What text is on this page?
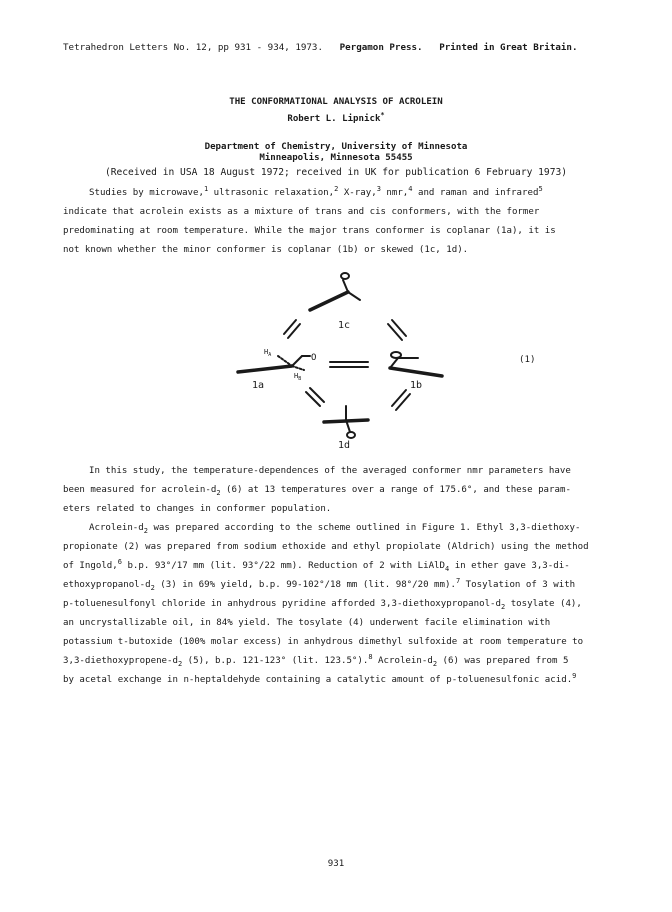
Tetrahedron Letters No. 12, pp 931 - 934, 1973. Pergamon Press. Printed in Great Britain.
THE CONFORMATIONAL ANALYSIS OF ACROLEIN
Robert L. Lipnick*
Department of Chemistry, University of Minnesota
Minneapolis, Minnesota 55455
(Received in USA 18 August 1972; received in UK for publication 6 February 1973)
Studies by microwave,$^1$ ultrasonic relaxation,$^2$ X-ray,$^3$ nmr,$^4$ and raman and infrared$^5$
indicate that acrolein exists as a mixture of trans and cis conformers, with the former
predominating at room temperature. While the major trans conformer is coplanar (1a), it is
not known whether the minor conformer is coplanar (1b) or skewed (1c, 1d).
1c
1a	1b
1d
$H_A$
$H_B$
O	(1)
In this study, the temperature-dependences of the averaged conformer nmr parameters have
been measured for acrolein-$d_2$ (6) at 13 temperatures over a range of 175.6°, and these param-
eters related to changes in conformer population.
Acrolein-$d_2$ was prepared according to the scheme outlined in Figure 1. Ethyl 3,3-diethoxy-
propionate (2) was prepared from sodium ethoxide and ethyl propiolate (Aldrich) using the method
of Ingold,$^6$ b.p. 93°/17 mm (lit. 93°/22 mm). Reduction of 2 with LiAlD$_4$ in ether gave 3,3-di-
ethoxypropanol-$d_2$ (3) in 69% yield, b.p. 99-102°/18 mm (lit. 98°/20 mm).$^7$ Tosylation of 3 with
p-toluenesulfonyl chloride in anhydrous pyridine afforded $3,3-diethoxypropanol-d_2$ tosylate (4),
an uncrystallizable oil, in 84% yield. The tosylate (4) underwent facile elimination with
potassium t-butoxide (100% molar excess) in anhydrous dimethyl sulfoxide at room temperature to
$3,3-diethoxypropene-d_2$ (5), b.p. 121-123° (lit. 123.5°).$^8$ Acrolein-$d_2$ (6) was prepared from 5
by acetal exchange in n-heptaldehyde containing a catalytic amount of p-toluenesulfonic acid.$^9$
931
